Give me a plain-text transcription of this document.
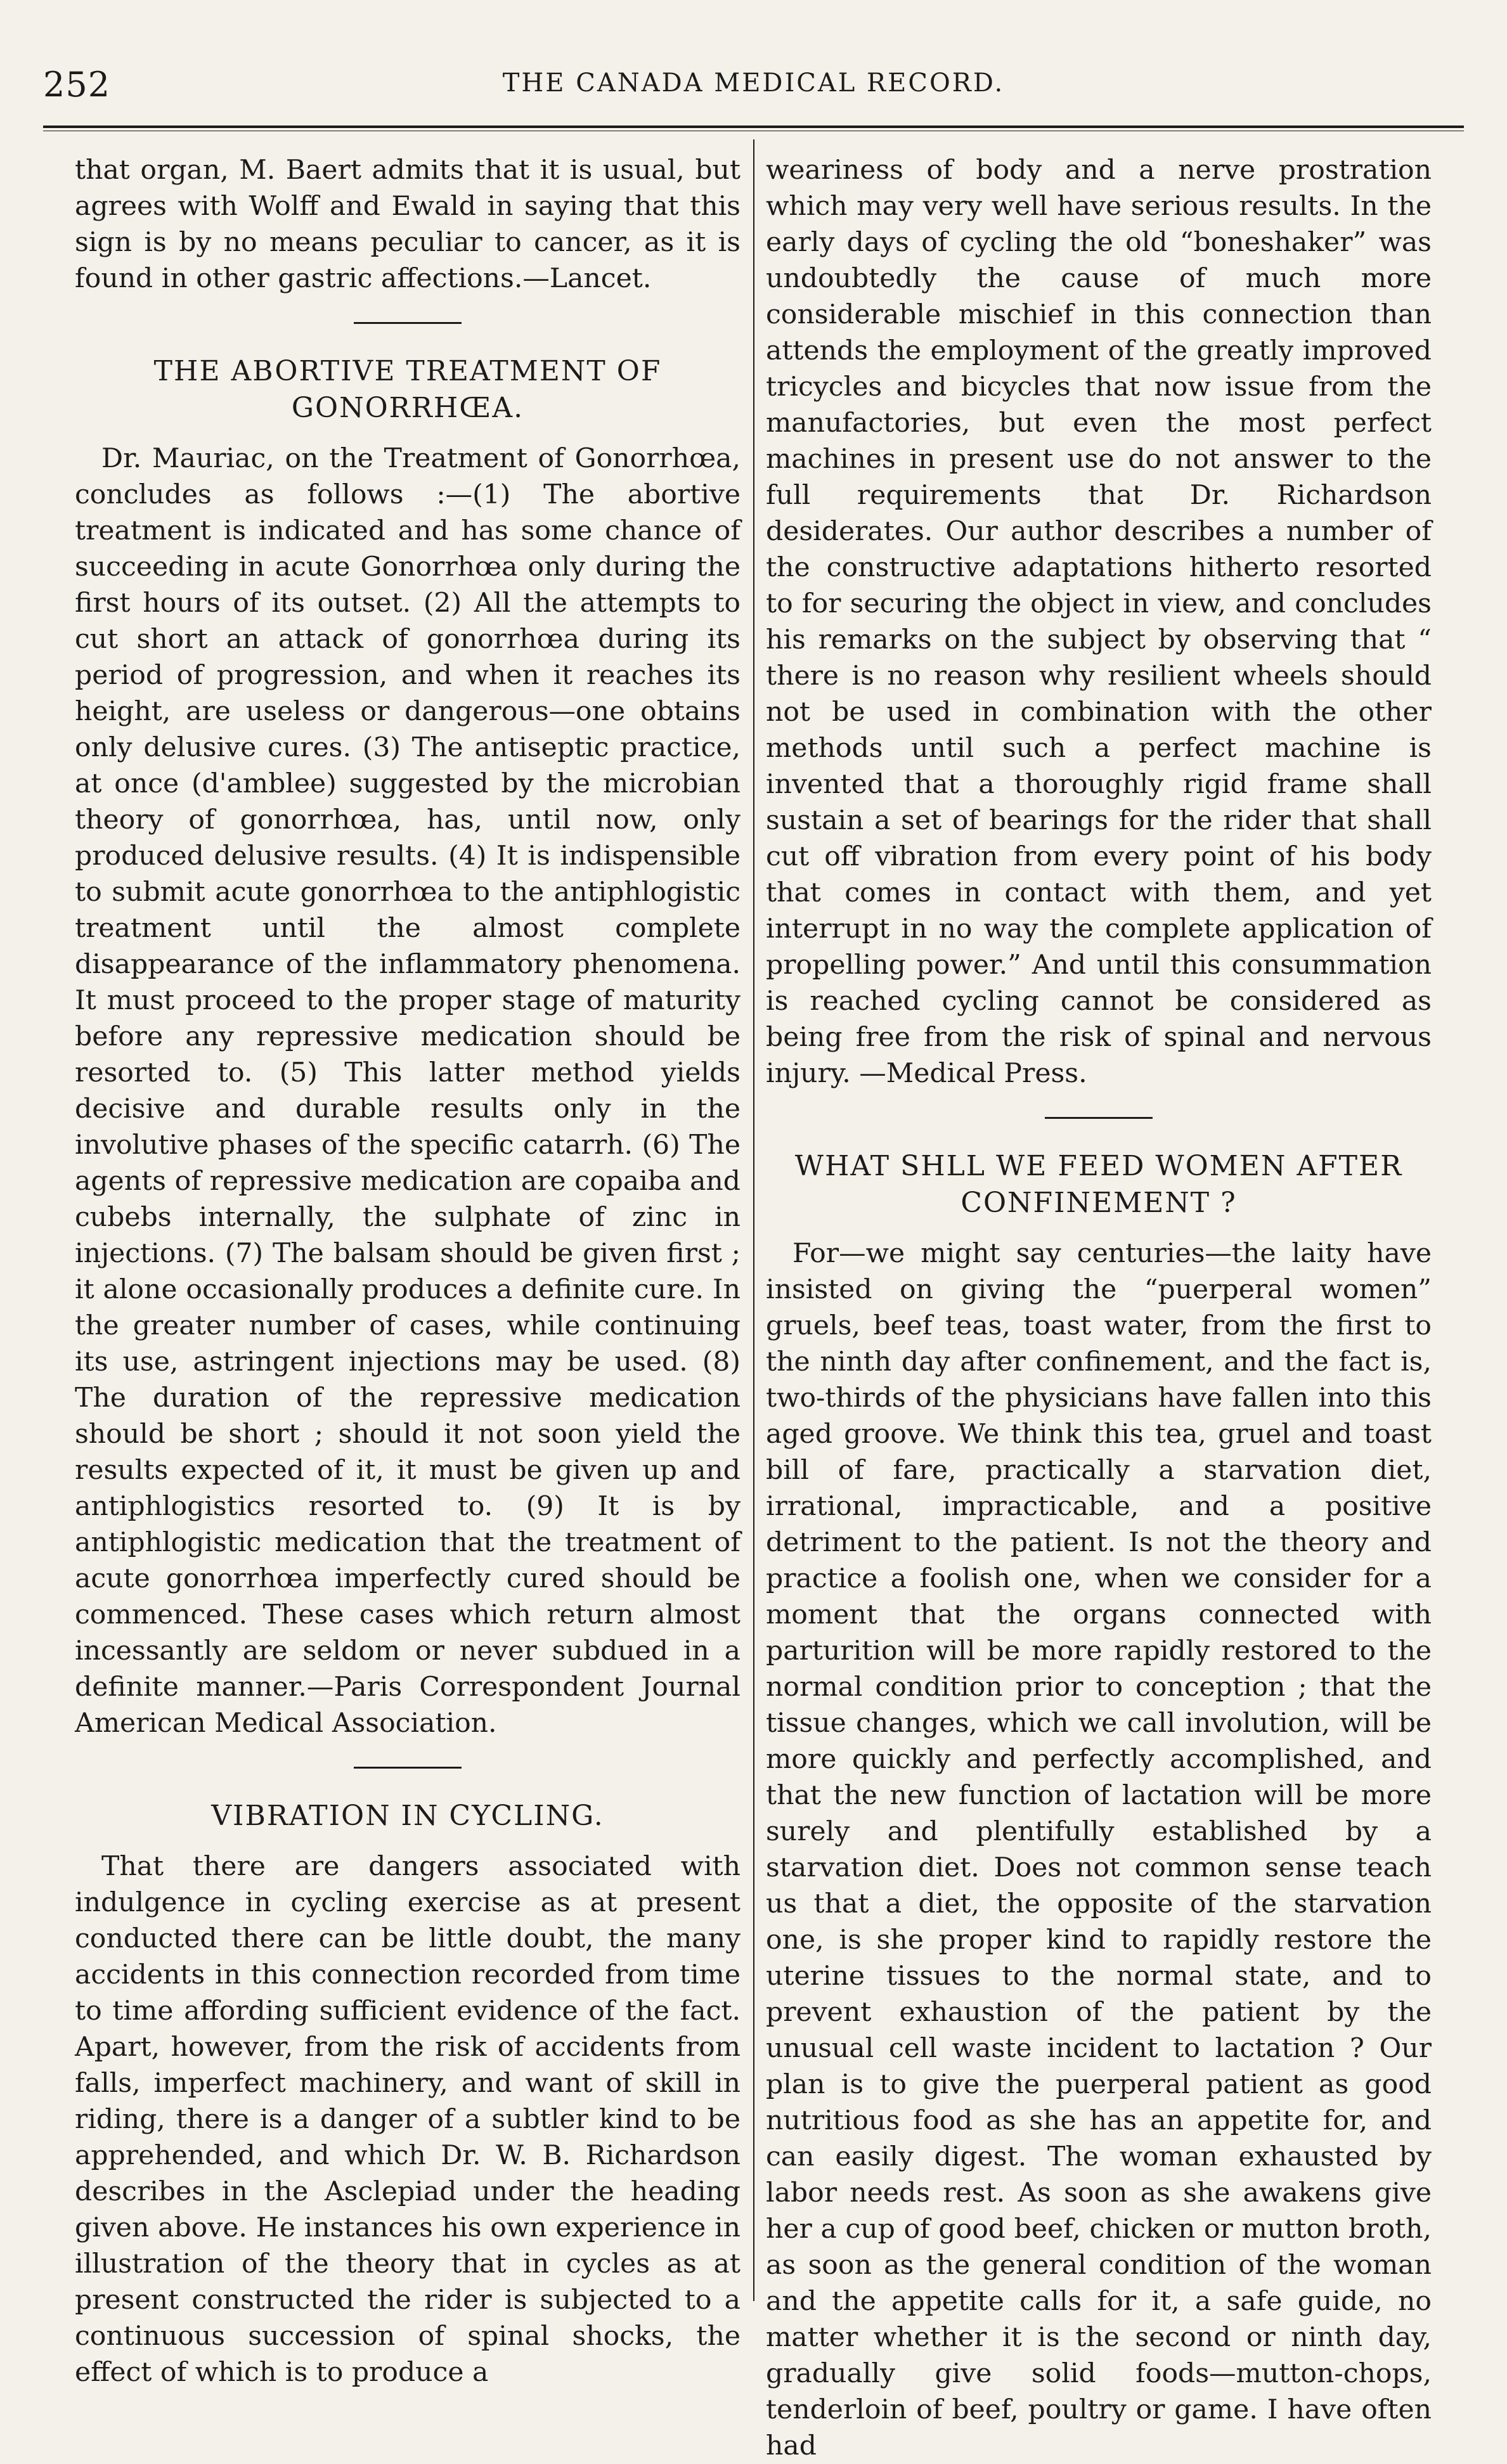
252	THE CANADA MEDICAL RECORD.

that organ, M. Baert admits that it is usual, but agrees with Wolff and Ewald in saying that this sign is by no means peculiar to cancer, as it is found in other gastric affections.—Lancet.

THE ABORTIVE TREATMENT OF GONORRHŒA.

Dr. Mauriac, on the Treatment of Gonorrhœa, concludes as follows :—(1) The abortive treatment is indicated and has some chance of succeeding in acute Gonorrhœa only during the first hours of its outset. (2) All the attempts to cut short an attack of gonorrhœa during its period of progression, and when it reaches its height, are useless or dangerous—one obtains only delusive cures. (3) The antiseptic practice, at once (d'amblee) suggested by the microbian theory of gonorrhœa, has, until now, only produced delusive results. (4) It is indispensible to submit acute gonorrhœa to the antiphlogistic treatment until the almost complete disappearance of the inflammatory phenomena. It must proceed to the proper stage of maturity before any repressive medication should be resorted to. (5) This latter method yields decisive and durable results only in the involutive phases of the specific catarrh. (6) The agents of repressive medication are copaiba and cubebs internally, the sulphate of zinc in injections. (7) The balsam should be given first ; it alone occasionally produces a definite cure. In the greater number of cases, while continuing its use, astringent injections may be used. (8) The duration of the repressive medication should be short ; should it not soon yield the results expected of it, it must be given up and antiphlogistics resorted to. (9) It is by antiphlogistic medication that the treatment of acute gonorrhœa imperfectly cured should be commenced. These cases which return almost incessantly are seldom or never subdued in a definite manner.—Paris Correspondent Journal American Medical Association.

VIBRATION IN CYCLING.

That there are dangers associated with indulgence in cycling exercise as at present conducted there can be little doubt, the many accidents in this connection recorded from time to time affording sufficient evidence of the fact. Apart, however, from the risk of accidents from falls, imperfect machinery, and want of skill in riding, there is a danger of a subtler kind to be apprehended, and which Dr. W. B. Richardson describes in the Asclepiad under the heading given above. He instances his own experience in illustration of the theory that in cycles as at present constructed the rider is subjected to a continuous succession of spinal shocks, the effect of which is to produce a

weariness of body and a nerve prostration which may very well have serious results. In the early days of cycling the old “boneshaker” was undoubtedly the cause of much more considerable mischief in this connection than attends the employment of the greatly improved tricycles and bicycles that now issue from the manufactories, but even the most perfect machines in present use do not answer to the full requirements that Dr. Richardson desiderates. Our author describes a number of the constructive adaptations hitherto resorted to for securing the object in view, and concludes his remarks on the subject by observing that “ there is no reason why resilient wheels should not be used in combination with the other methods until such a perfect machine is invented that a thoroughly rigid frame shall sustain a set of bearings for the rider that shall cut off vibration from every point of his body that comes in contact with them, and yet interrupt in no way the complete application of propelling power.” And until this consummation is reached cycling cannot be considered as being free from the risk of spinal and nervous injury. —Medical Press.

WHAT SHLL WE FEED WOMEN AFTER CONFINEMENT ?

For—we might say centuries—the laity have insisted on giving the “puerperal women” gruels, beef teas, toast water, from the first to the ninth day after confinement, and the fact is, two-thirds of the physicians have fallen into this aged groove. We think this tea, gruel and toast bill of fare, practically a starvation diet, irrational, impracticable, and a positive detriment to the patient. Is not the theory and practice a foolish one, when we consider for a moment that the organs connected with parturition will be more rapidly restored to the normal condition prior to conception ; that the tissue changes, which we call involution, will be more quickly and perfectly accomplished, and that the new function of lactation will be more surely and plentifully established by a starvation diet. Does not common sense teach us that a diet, the opposite of the starvation one, is she proper kind to rapidly restore the uterine tissues to the normal state, and to prevent exhaustion of the patient by the unusual cell waste incident to lactation ? Our plan is to give the puerperal patient as good nutritious food as she has an appetite for, and can easily digest. The woman exhausted by labor needs rest. As soon as she awakens give her a cup of good beef, chicken or mutton broth, as soon as the general condition of the woman and the appetite calls for it, a safe guide, no matter whether it is the second or ninth day, gradually give solid foods—mutton-chops, tenderloin of beef, poultry or game. I have often had
